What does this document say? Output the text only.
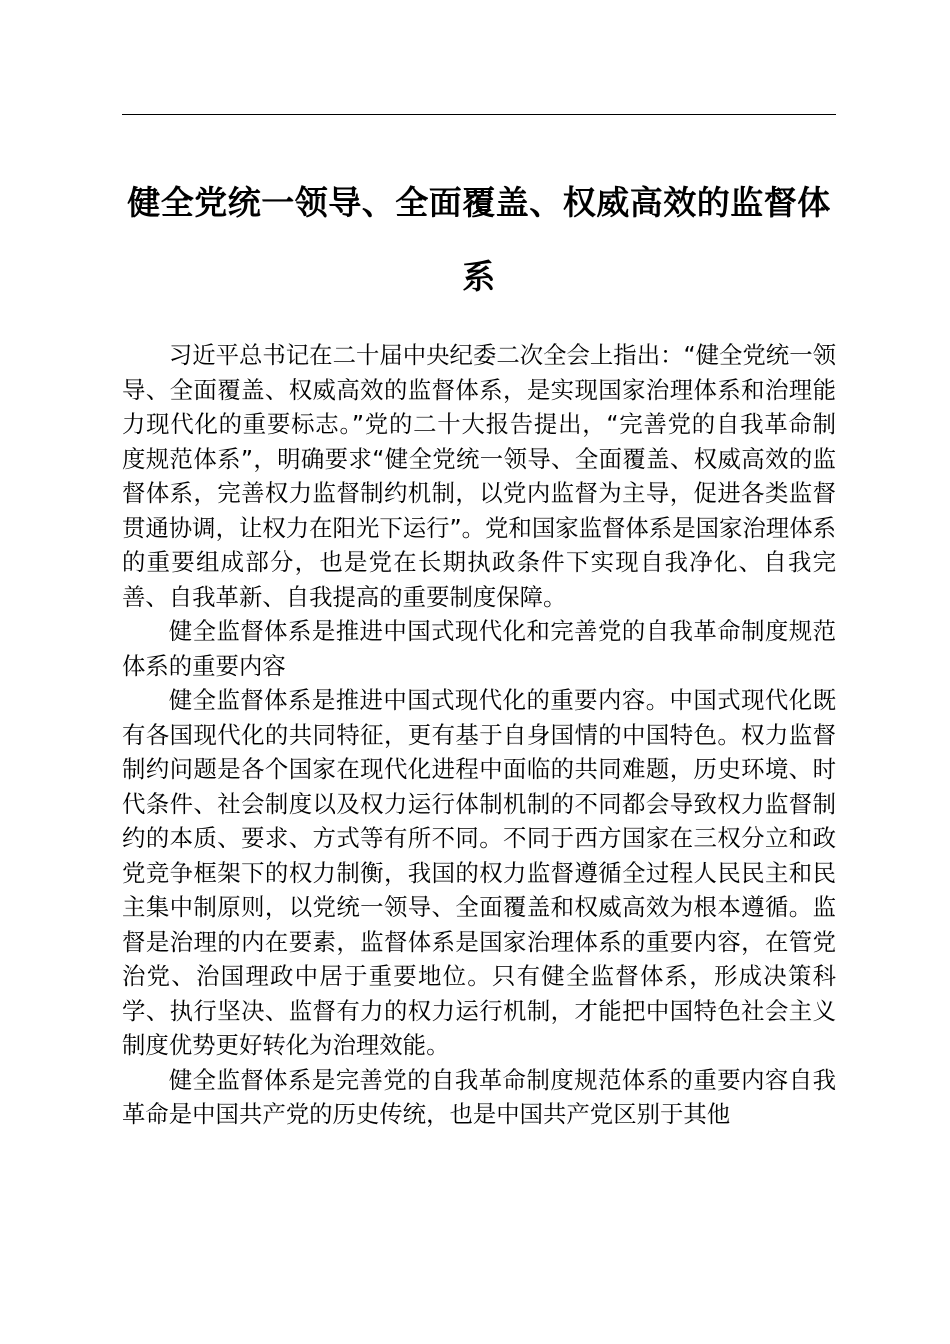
健全党统一领导、全面覆盖、权威高效的监督体系

习近平总书记在二十届中央纪委二次全会上指出：“健全党统一领导、全面覆盖、权威高效的监督体系，是实现国家治理体系和治理能力现代化的重要标志。”党的二十大报告提出，“完善党的自我革命制度规范体系”，明确要求“健全党统一领导、全面覆盖、权威高效的监督体系，完善权力监督制约机制，以党内监督为主导，促进各类监督贯通协调，让权力在阳光下运行”。党和国家监督体系是国家治理体系的重要组成部分，也是党在长期执政条件下实现自我净化、自我完善、自我革新、自我提高的重要制度保障。

健全监督体系是推进中国式现代化和完善党的自我革命制度规范体系的重要内容

健全监督体系是推进中国式现代化的重要内容。中国式现代化既有各国现代化的共同特征，更有基于自身国情的中国特色。权力监督制约问题是各个国家在现代化进程中面临的共同难题，历史环境、时代条件、社会制度以及权力运行体制机制的不同都会导致权力监督制约的本质、要求、方式等有所不同。不同于西方国家在三权分立和政党竞争框架下的权力制衡，我国的权力监督遵循全过程人民民主和民主集中制原则，以党统一领导、全面覆盖和权威高效为根本遵循。监督是治理的内在要素，监督体系是国家治理体系的重要内容，在管党治党、治国理政中居于重要地位。只有健全监督体系，形成决策科学、执行坚决、监督有力的权力运行机制，才能把中国特色社会主义制度优势更好转化为治理效能。

健全监督体系是完善党的自我革命制度规范体系的重要内容自我革命是中国共产党的历史传统，也是中国共产党区别于其他
